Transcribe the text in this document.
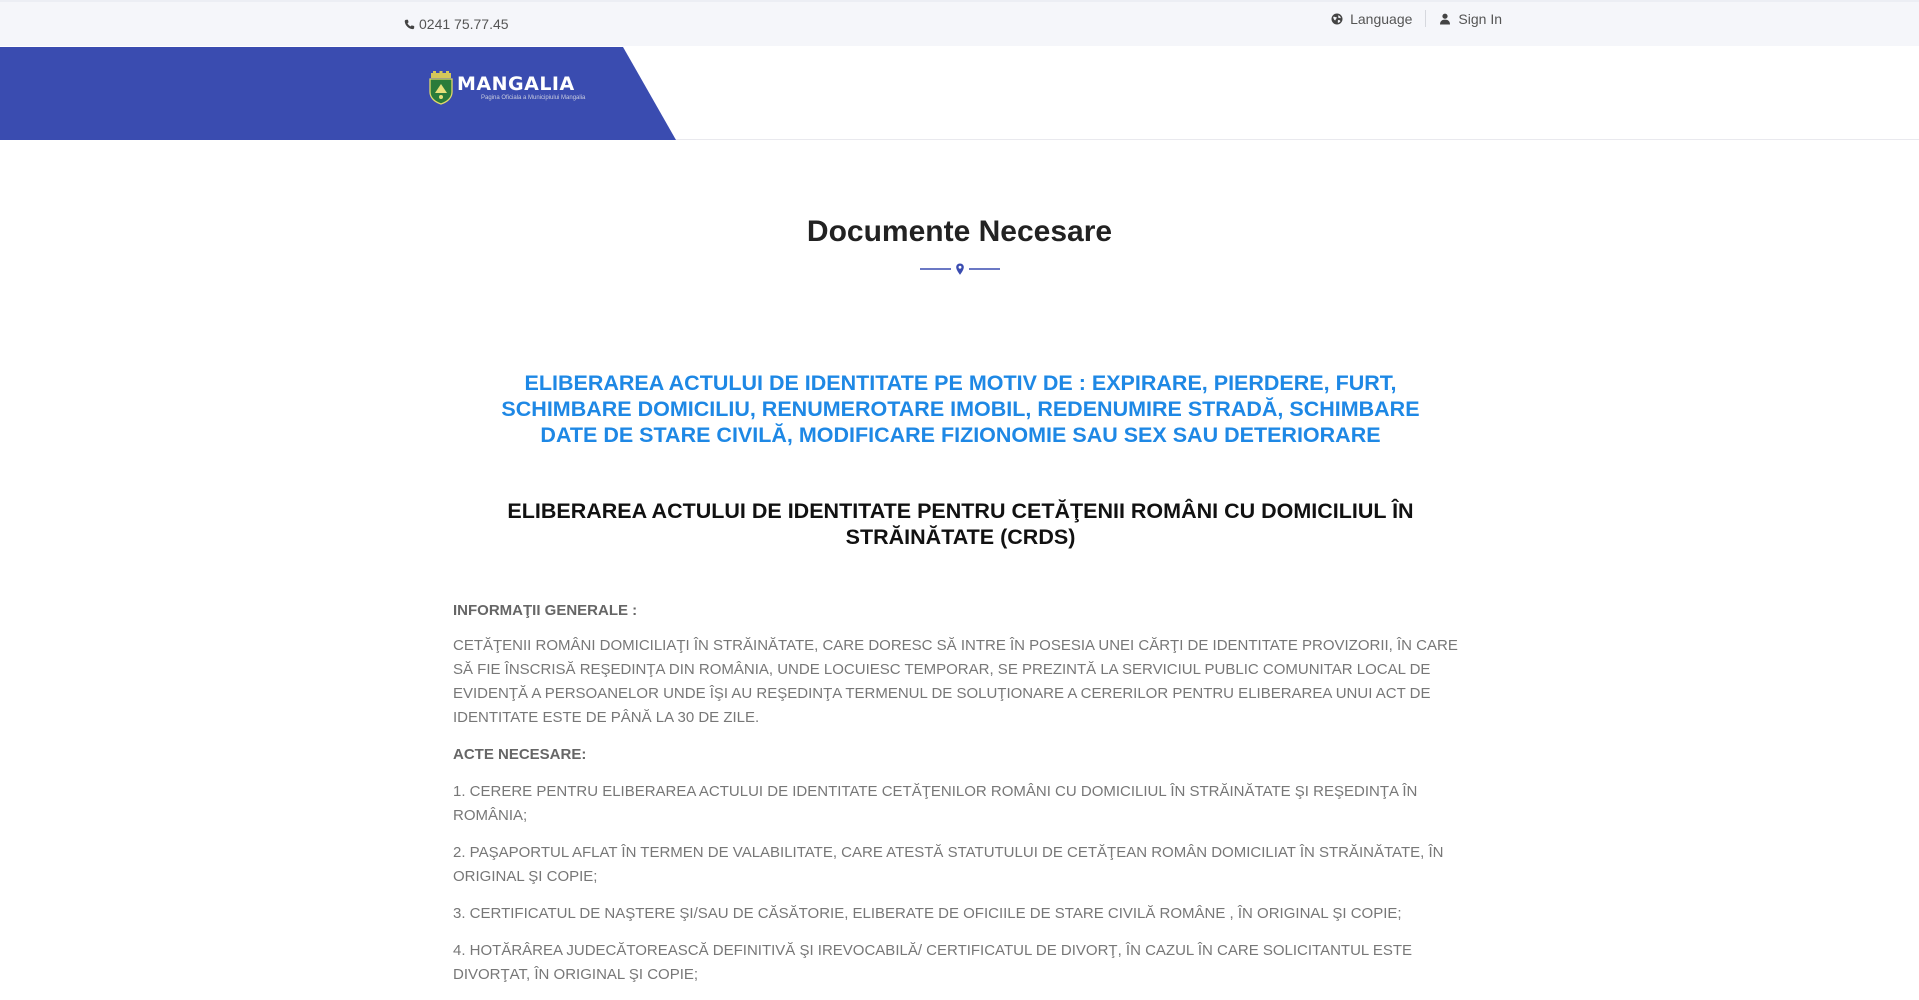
0241 75.77.45	Language	Sign In
MANGALIA
Pagina Oficiala a Municipiului Mangalia
Documente Necesare
ELIBERAREA ACTULUI DE IDENTITATE PE MOTIV DE : EXPIRARE, PIERDERE, FURT, SCHIMBARE DOMICILIU, RENUMEROTARE IMOBIL, REDENUMIRE STRADĂ, SCHIMBARE DATE DE STARE CIVILĂ, MODIFICARE FIZIONOMIE SAU SEX SAU DETERIORARE
ELIBERAREA ACTULUI DE IDENTITATE PENTRU CETĂŢENII ROMÂNI CU DOMICILIUL ÎN STRĂINĂTATE (CRDS)

INFORMAŢII GENERALE :

CETĂŢENII ROMÂNI DOMICILIAŢI ÎN STRĂINĂTATE, CARE DORESC SĂ INTRE ÎN POSESIA UNEI CĂRŢI DE IDENTITATE PROVIZORII, ÎN CARE SĂ FIE ÎNSCRISĂ REŞEDINŢA DIN ROMÂNIA, UNDE LOCUIESC TEMPORAR, SE PREZINTĂ LA SERVICIUL PUBLIC COMUNITAR LOCAL DE EVIDENŢĂ A PERSOANELOR UNDE ÎŞI AU REŞEDINŢA TERMENUL DE SOLUŢIONARE A CERERILOR PENTRU ELIBERAREA UNUI ACT DE IDENTITATE ESTE DE PÂNĂ LA 30 DE ZILE.

ACTE NECESARE:

1. CERERE PENTRU ELIBERAREA ACTULUI DE IDENTITATE CETĂŢENILOR ROMÂNI CU DOMICILIUL ÎN STRĂINĂTATE ŞI REŞEDINŢA ÎN ROMÂNIA;

2. PAŞAPORTUL AFLAT ÎN TERMEN DE VALABILITATE, CARE ATESTĂ STATUTULUI DE CETĂŢEAN ROMÂN DOMICILIAT ÎN STRĂINĂTATE, ÎN ORIGINAL ŞI COPIE;

3. CERTIFICATUL DE NAŞTERE ŞI/SAU DE CĂSĂTORIE, ELIBERATE DE OFICIILE DE STARE CIVILĂ ROMÂNE , ÎN ORIGINAL ŞI COPIE;

4. HOTĂRÂREA JUDECĂTOREASCĂ DEFINITIVĂ ŞI IREVOCABILĂ/ CERTIFICATUL DE DIVORŢ, ÎN CAZUL ÎN CARE SOLICITANTUL ESTE DIVORŢAT, ÎN ORIGINAL ŞI COPIE;
